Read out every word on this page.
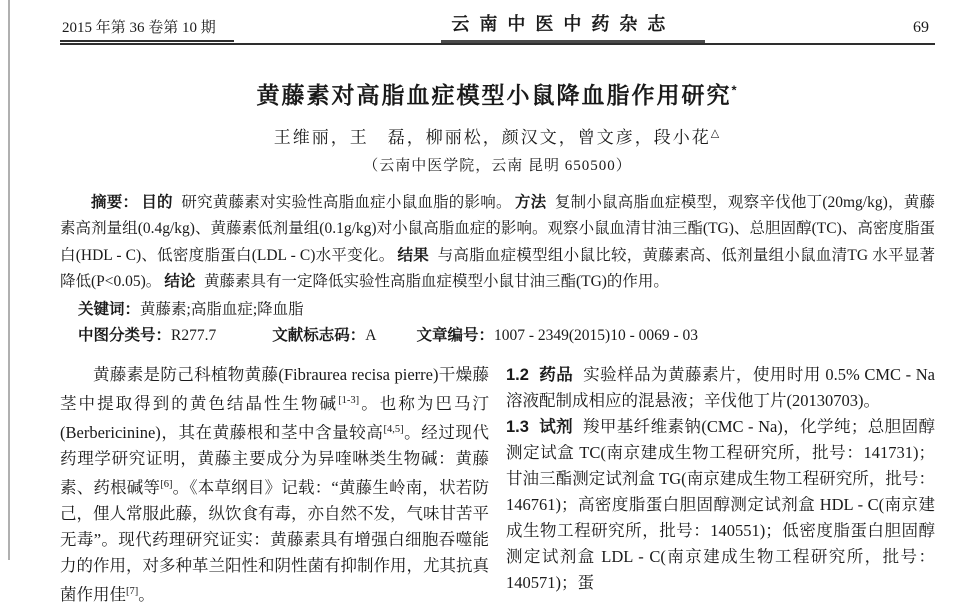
2015 年第 36 卷第 10 期	云南中医中药杂志	69
黄藤素对高脂血症模型小鼠降血脂作用研究*
王维丽，王　磊，柳丽松，颜汉文，曾文彦，段小花△
（云南中医学院，云南 昆明 650500）

摘要： 目的 研究黄藤素对实验性高脂血症小鼠血脂的影响。 方法 复制小鼠高脂血症模型，观察辛伐他丁(20mg/kg)，黄藤素高剂量组(0.4g/kg)、黄藤素低剂量组(0.1g/kg)对小鼠高脂血症的影响。观察小鼠血清甘油三酯(TG)、总胆固醇(TC)、高密度脂蛋白(HDL - C)、低密度脂蛋白(LDL - C)水平变化。 结果 与高脂血症模型组小鼠比较，黄藤素高、低剂量组小鼠血清TG 水平显著降低(P<0.05)。 结论 黄藤素具有一定降低实验性高脂血症模型小鼠甘油三酯(TG)的作用。

关键词：黄藤素;高脂血症;降血脂
中图分类号：R277.7	文献标志码：A	文章编号：1007 - 2349(2015)10 - 0069 - 03

黄藤素是防己科植物黄藤(Fibraurea recisa pierre)干燥藤茎中提取得到的黄色结晶性生物碱[1-3]。也称为巴马汀(Berbericinine)，其在黄藤根和茎中含量较高[4,5]。经过现代药理学研究证明，黄藤主要成分为异喹啉类生物碱：黄藤素、药根碱等[6]。《本草纲目》记载：“黄藤生岭南，状若防己，俚人常服此藤，纵饮食有毒，亦自然不发，气味甘苦平无毒”。现代药理研究证实：黄藤素具有增强白细胞吞噬能力的作用，对多种革兰阳性和阴性菌有抑制作用，尤其抗真菌作用佳[7]。

1.2 药品 实验样品为黄藤素片，使用时用 0.5% CMC - Na 溶液配制成相应的混悬液；辛伐他丁片(20130703)。

1.3 试剂 羧甲基纤维素钠(CMC - Na)，化学纯；总胆固醇测定试盒 TC(南京建成生物工程研究所，批号：141731)；甘油三酯测定试剂盒 TG(南京建成生物工程研究所，批号：146761)；高密度脂蛋白胆固醇测定试剂盒 HDL - C(南京建成生物工程研究所，批号：140551)；低密度脂蛋白胆固醇测定试剂盒 LDL - C(南京建成生物工程研究所，批号：140571)；蛋
